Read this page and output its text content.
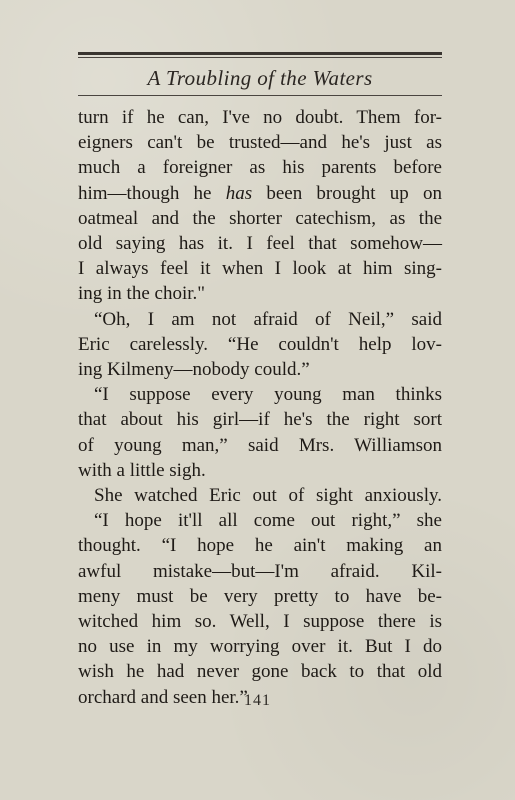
A Troubling of the Waters
turn if he can, I've no doubt. Them for-
eigners can't be trusted—and he's just as
much a foreigner as his parents before
him—though he has been brought up on
oatmeal and the shorter catechism, as the
old saying has it. I feel that somehow—
I always feel it when I look at him sing-
ing in the choir."
“Oh, I am not afraid of Neil,” said
Eric carelessly. “He couldn't help lov-
ing Kilmeny—nobody could.”
“I suppose every young man thinks
that about his girl—if he's the right sort
of young man,” said Mrs. Williamson
with a little sigh.
She watched Eric out of sight anxiously.
“I hope it'll all come out right,” she
thought. “I hope he ain't making an
awful mistake—but—I'm afraid. Kil-
meny must be very pretty to have be-
witched him so. Well, I suppose there is
no use in my worrying over it. But I do
wish he had never gone back to that old
orchard and seen her.”
141
